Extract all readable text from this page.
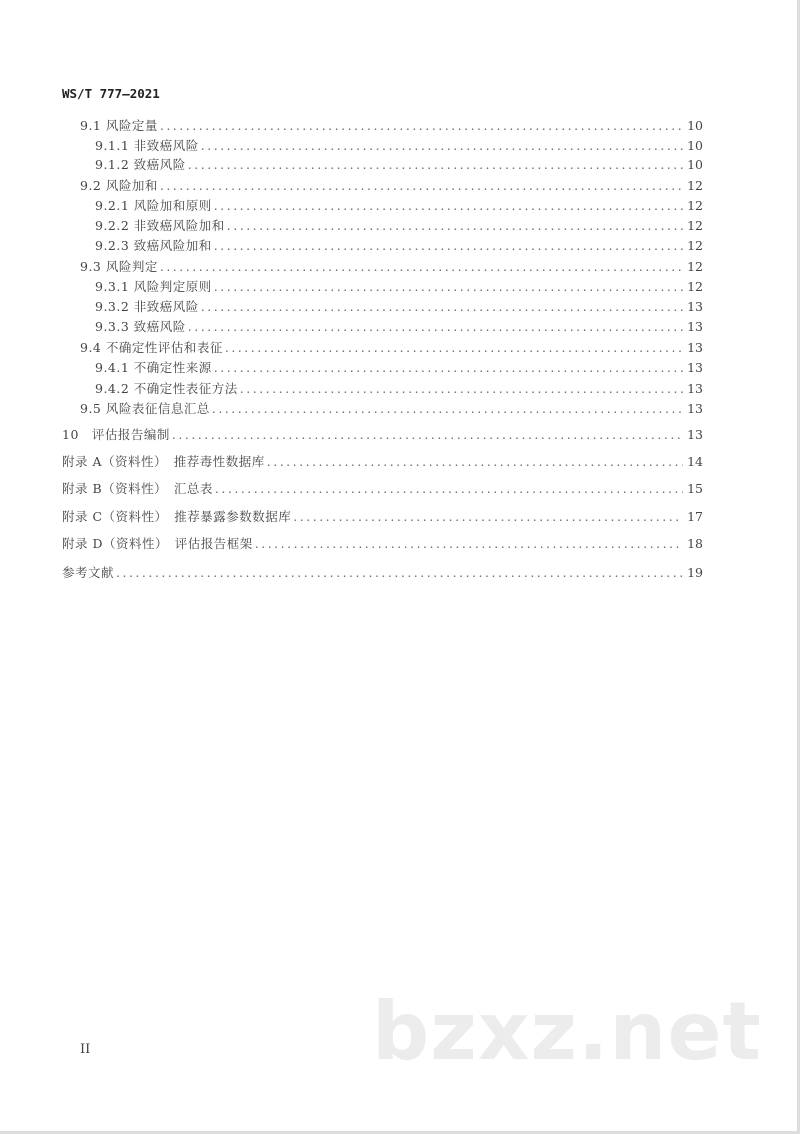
WS/T 777—2021
9.1 风险定量 .....	10
9.1.1 非致癌风险 .....	10
9.1.2 致癌风险 .....	10
9.2 风险加和 .....	12
9.2.1 风险加和原则 .....	12
9.2.2 非致癌风险加和 .....	12
9.2.3 致癌风险加和 .....	12
9.3 风险判定 .....	12
9.3.1 风险判定原则 .....	12
9.3.2 非致癌风险 .....	13
9.3.3 致癌风险 .....	13
9.4 不确定性评估和表征 .....	13
9.4.1 不确定性来源 .....	13
9.4.2 不确定性表征方法 .....	13
9.5 风险表征信息汇总 .....	13
10　评估报告编制 .....	13
附录 A（资料性）　推荐毒性数据库 .....	14
附录 B（资料性）　汇总表 .....	15
附录 C（资料性）　推荐暴露参数数据库 .....	17
附录 D（资料性）　评估报告框架 .....	18
参考文献 .....	19
II	bzxz.net
